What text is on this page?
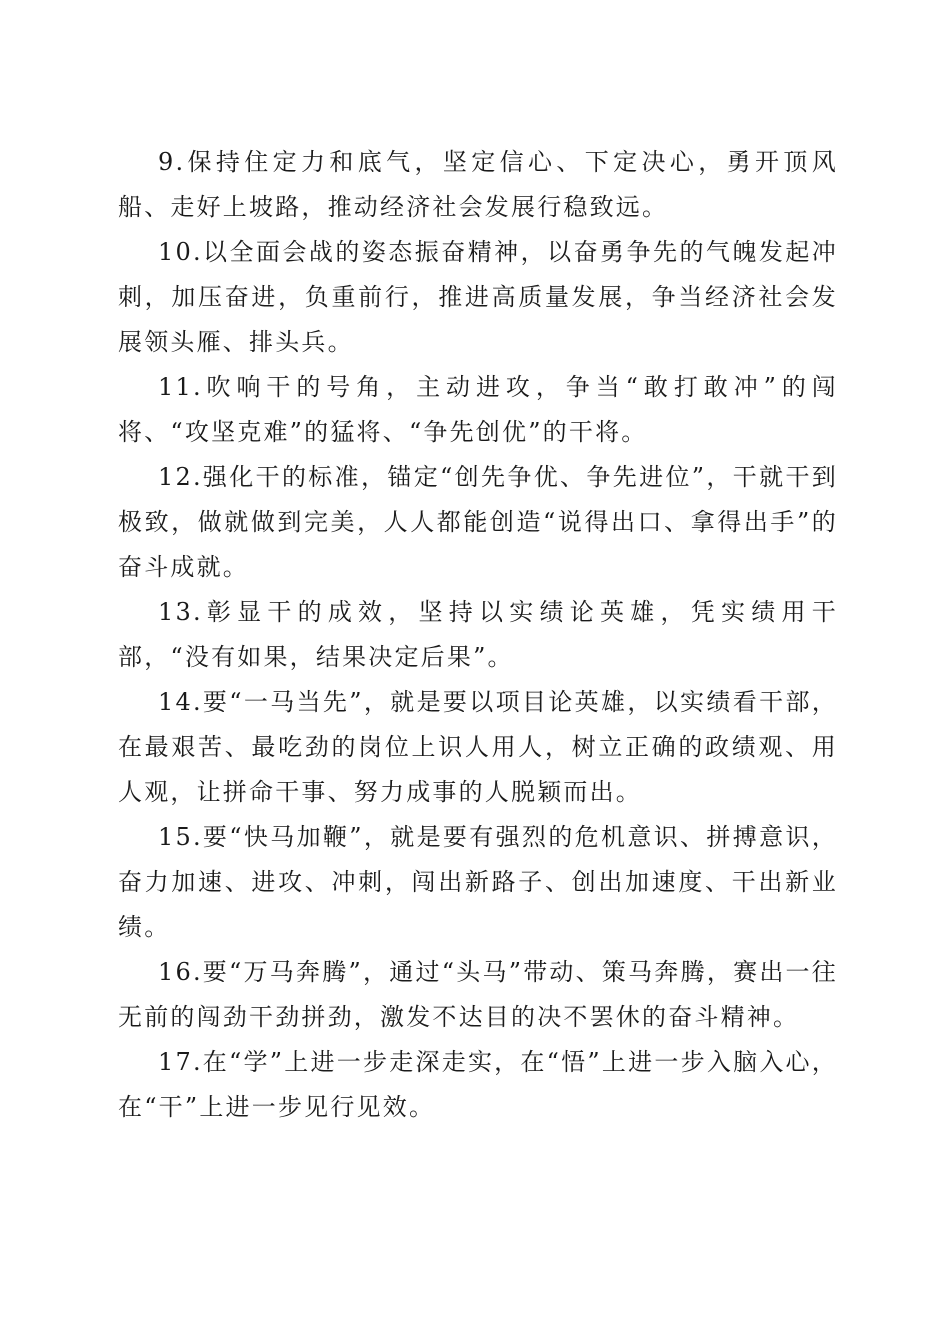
9.保持住定力和底气，坚定信心、下定决心，勇开顶风船、走好上坡路，推动经济社会发展行稳致远。

10.以全面会战的姿态振奋精神，以奋勇争先的气魄发起冲刺，加压奋进，负重前行，推进高质量发展，争当经济社会发展领头雁、排头兵。

11.吹响干的号角，主动进攻，争当“敢打敢冲”的闯将、“攻坚克难”的猛将、“争先创优”的干将。

12.强化干的标准，锚定“创先争优、争先进位”，干就干到极致，做就做到完美，人人都能创造“说得出口、拿得出手”的奋斗成就。

13.彰显干的成效，坚持以实绩论英雄，凭实绩用干部，“没有如果，结果决定后果”。

14.要“一马当先”，就是要以项目论英雄，以实绩看干部，在最艰苦、最吃劲的岗位上识人用人，树立正确的政绩观、用人观，让拼命干事、努力成事的人脱颖而出。

15.要“快马加鞭”，就是要有强烈的危机意识、拼搏意识，奋力加速、进攻、冲刺，闯出新路子、创出加速度、干出新业绩。

16.要“万马奔腾”，通过“头马”带动、策马奔腾，赛出一往无前的闯劲干劲拼劲，激发不达目的决不罢休的奋斗精神。

17.在“学”上进一步走深走实，在“悟”上进一步入脑入心，在“干”上进一步见行见效。
